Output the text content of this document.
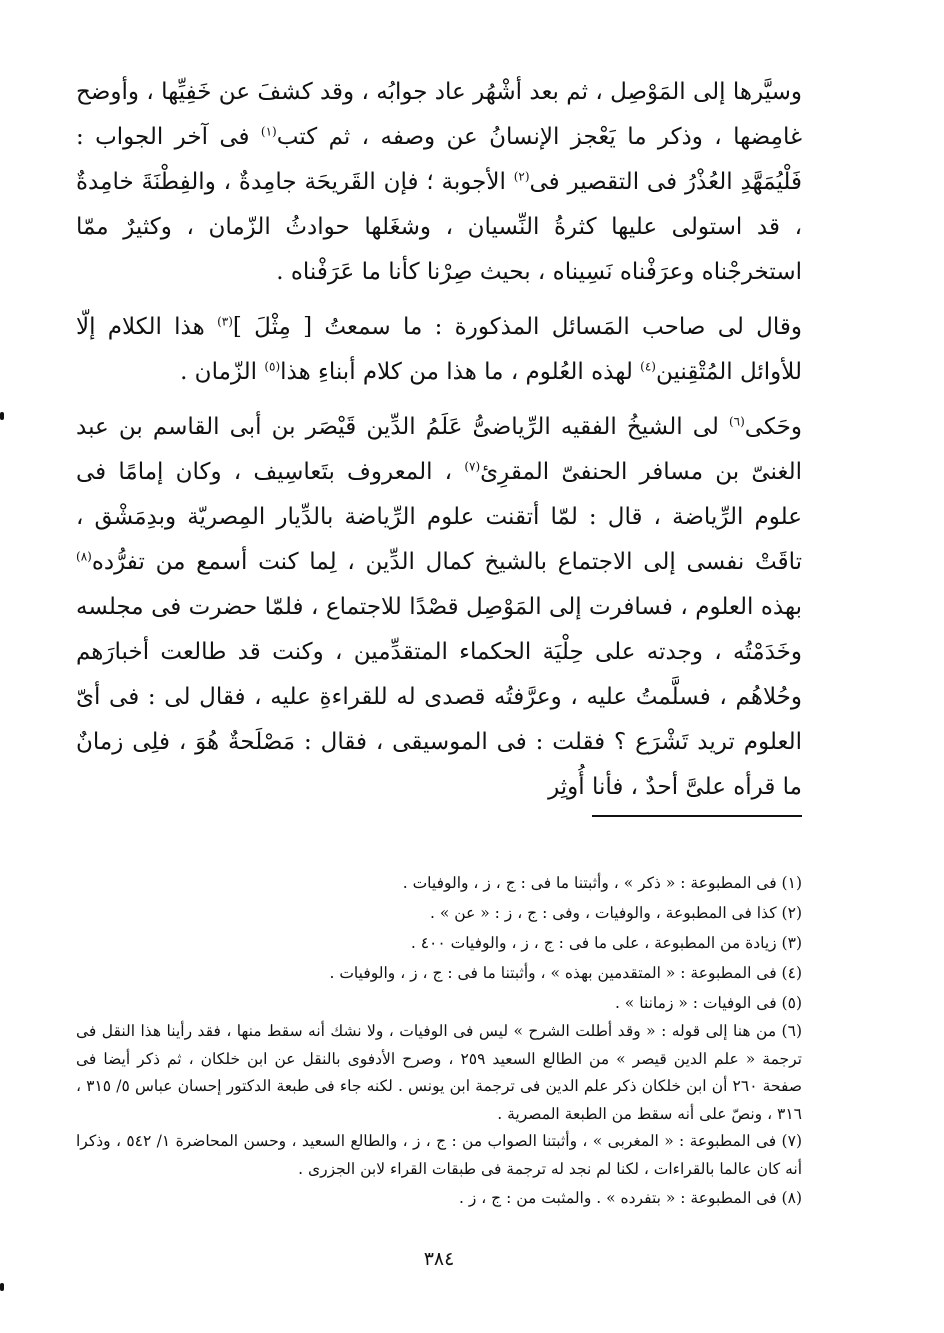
وسيَّرها إلى المَوْصِل ، ثم بعد أشْهُر عاد جوابُه ، وقد كشفَ عن خَفِيِّها ، وأوضح غامِضها ، وذكر ما يَعْجز الإنسانُ عن وصفه ، ثم كتب$^{(١)}$ فى آخر الجواب : فَلْيُمَهَّدِ العُذْرُ فى التقصير فى$^{(٢)}$ الأجوبة ؛ فإن القَريحَة جامِدةٌ ، والفِطْنَةَ خامِدةٌ ، قد استولى عليها كثرةُ النِّسيان ، وشغَلها حوادثُ الزّمان ، وكثيرٌ ممّا استخرجْناه وعرَفْناه نَسِيناه ، بحيث صِرْنا كأنا ما عَرَفْناه .

وقال لى صاحب المَسائل المذكورة : ما سمعتُ [ مِثْلَ ]$^{(٣)}$ هذا الكلام إلّا للأوائل المُتْقِنين$^{(٤)}$ لهذه العُلوم ، ما هذا من كلام أبناءِ هذا$^{(٥)}$ الزّمان .

وحَكى$^{(٦)}$ لى الشيخُ الفقيه الرِّياضىُّ عَلَمُ الدِّين قَيْصَر بن أبى القاسم بن عبد الغنىّ بن مسافر الحنفىّ المقرِئ$^{(٧)}$ ، المعروف بتَعاسِيف ، وكان إمامًا فى علوم الرِّياضة ، قال : لمّا أتقنت علوم الرِّياضة بالدِّيار المِصريّة وبدِمَشْق ، تاقَتْ نفسى إلى الاجتماع بالشيخ كمال الدِّين ، لِما كنت أسمع من تفرُّده$^{(٨)}$ بهذه العلوم ، فسافرت إلى المَوْصِل قصْدًا للاجتماع ، فلمّا حضرت فى مجلسه وخَدَمْتُه ، وجدته على حِلْيَة الحكماء المتقدِّمين ، وكنت قد طالعت أخبارَهم وحُلاهُم ، فسلَّمتُ عليه ، وعرَّفتُه قصدى له للقراءةِ عليه ، فقال لى : فى أىّ العلوم تريد تَشْرَع ؟ فقلت : فى الموسيقى ، فقال : مَصْلَحةٌ هُوَ ، فلِى زمانٌ ما قرأه علىَّ أحدٌ ، فأنا أُوثِر

(١) فى المطبوعة : « ذكر » ، وأثبتنا ما فى : ج ، ز ، والوفيات .
(٢) كذا فى المطبوعة ، والوفيات ، وفى : ج ، ز : « عن » .
(٣) زيادة من المطبوعة ، على ما فى : ج ، ز ، والوفيات ٤٠٠ .
(٤) فى المطبوعة : « المتقدمين بهذه » ، وأثبتنا ما فى : ج ، ز ، والوفيات .
(٥) فى الوفيات : « زماننا » .
(٦) من هنا إلى قوله : « وقد أطلت الشرح » ليس فى الوفيات ، ولا نشك أنه سقط منها ، فقد رأينا هذا النقل فى ترجمة « علم الدين قيصر » من الطالع السعيد ٢٥٩ ، وصرح الأدفوى بالنقل عن ابن خلكان ، ثم ذكر أيضا فى صفحة ٢٦٠ أن ابن خلكان ذكر علم الدين فى ترجمة ابن يونس . لكنه جاء فى طبعة الدكتور إحسان عباس ٥/ ٣١٥ ، ٣١٦ ، ونصّ على أنه سقط من الطبعة المصرية .
(٧) فى المطبوعة : « المغربى » ، وأثبتنا الصواب من : ج ، ز ، والطالع السعيد ، وحسن المحاضرة ١/ ٥٤٢ ، وذكرا أنه كان عالما بالقراءات ، لكنا لم نجد له ترجمة فى طبقات القراء لابن الجزرى .
(٨) فى المطبوعة : « بتفرده » . والمثبت من : ج ، ز .
٣٨٤
